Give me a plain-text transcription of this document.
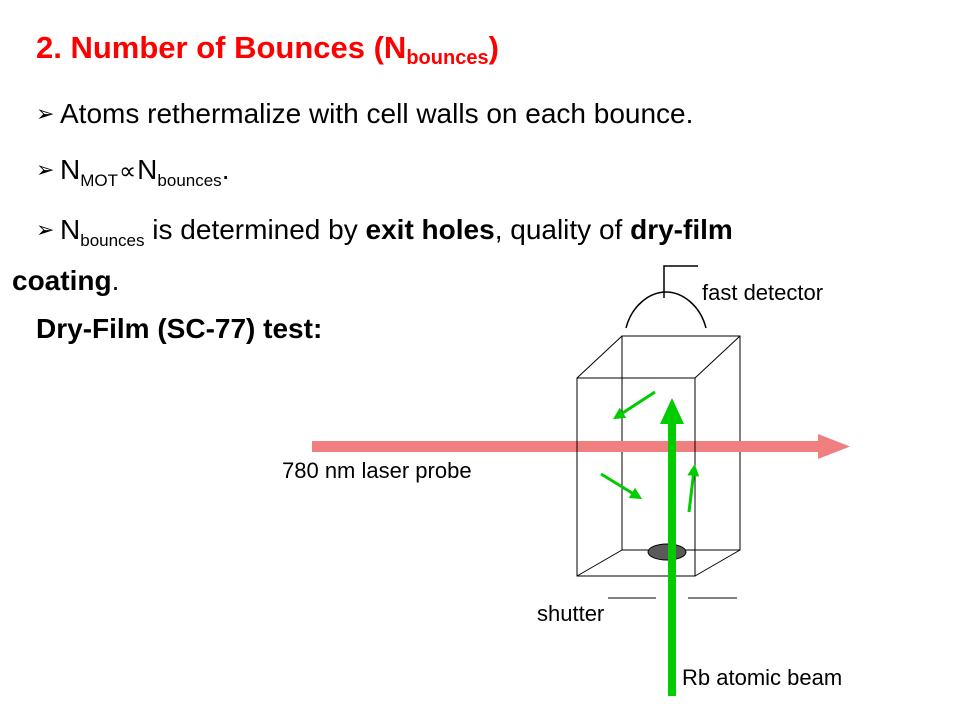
2. Number of Bounces $(N_{bounces})$
➢ Atoms rethermalize with cell walls on each bounce.
➢ $N_{MOT}\propto N_{bounces}$.
➢ $N_{bounces}$ is determined by exit holes, quality of dry-film
coating.
Dry-Film (SC-77) test:
fast detector
780 nm laser probe
shutter
Rb atomic beam
